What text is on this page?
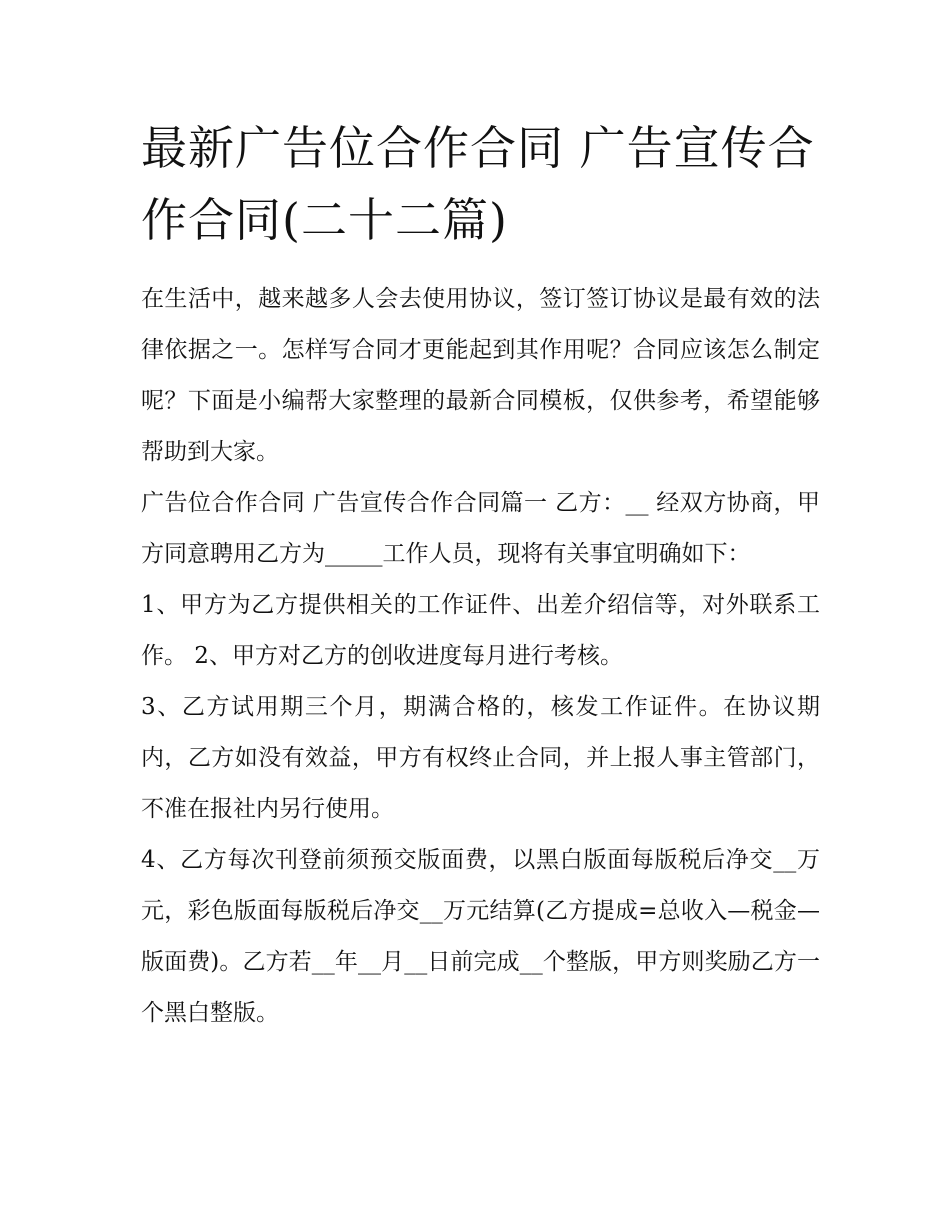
最新广告位合作合同 广告宣传合作合同(二十二篇)

在生活中，越来越多人会去使用协议，签订签订协议是最有效的法律依据之一。怎样写合同才更能起到其作用呢？合同应该怎么制定呢？下面是小编帮大家整理的最新合同模板，仅供参考，希望能够帮助到大家。

广告位合作合同 广告宣传合作合同篇一 乙方：__ 经双方协商，甲方同意聘用乙方为_____工作人员，现将有关事宜明确如下：

1、甲方为乙方提供相关的工作证件、出差介绍信等，对外联系工作。 2、甲方对乙方的创收进度每月进行考核。

3、乙方试用期三个月，期满合格的，核发工作证件。在协议期内，乙方如没有效益，甲方有权终止合同，并上报人事主管部门，不准在报社内另行使用。

4、乙方每次刊登前须预交版面费，以黑白版面每版税后净交__万元，彩色版面每版税后净交__万元结算(乙方提成=总收入—税金—版面费)。乙方若__年__月__日前完成__个整版，甲方则奖励乙方一个黑白整版。
